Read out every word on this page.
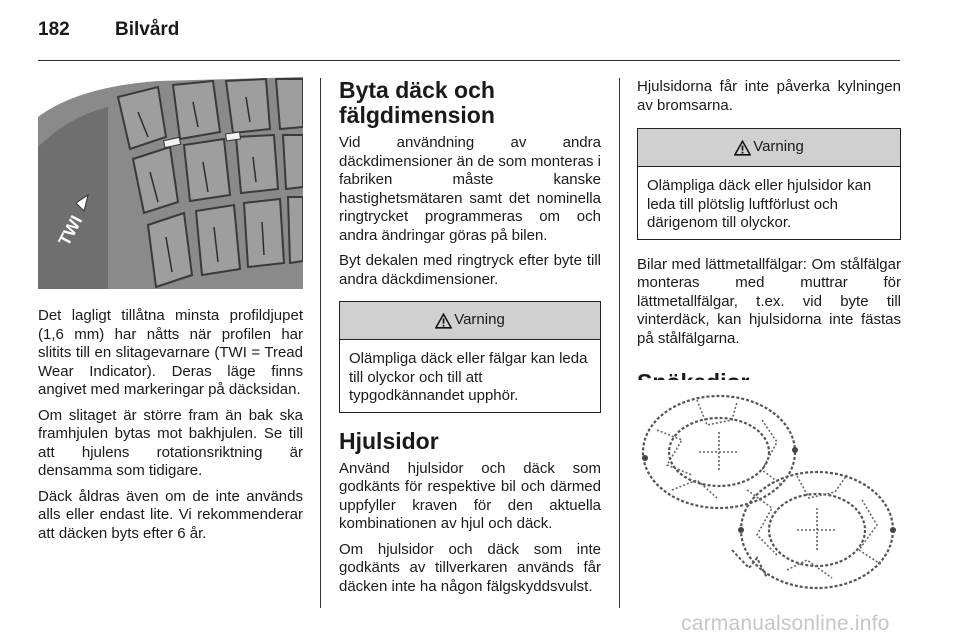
182 Bilvård
TWI

Det lagligt tillåtna minsta profildjupet (1,6 mm) har nåtts när profilen har slitits till en slitagevarnare (TWI = Tread Wear Indicator). Deras läge finns angivet med markeringar på däcksidan.

Om slitaget är större fram än bak ska framhjulen bytas mot bakhjulen. Se till att hjulens rotationsriktning är densamma som tidigare.

Däck åldras även om de inte används alls eller endast lite. Vi rekommenderar att däcken byts efter 6 år.

Byta däck och fälgdimension

Vid användning av andra däckdimensioner än de som monteras i fabriken måste kanske hastighetsmätaren samt det nominella ringtrycket programmeras om och andra ändringar göras på bilen.

Byt dekalen med ringtryck efter byte till andra däckdimensioner.

Varning
Olämpliga däck eller fälgar kan leda till olyckor och till att typgodkännandet upphör.
Hjulsidor

Använd hjulsidor och däck som godkänts för respektive bil och därmed uppfyller kraven för den aktuella kombinationen av hjul och däck.

Om hjulsidor och däck som inte godkänts av tillverkaren används får däcken inte ha någon fälgskyddsvulst.

Hjulsidorna får inte påverka kylningen av bromsarna.

Varning
Olämpliga däck eller hjulsidor kan leda till plötslig luftförlust och därigenom till olyckor.

Bilar med lättmetallfälgar: Om stålfälgar monteras med muttrar för lättmetallfälgar, t.ex. vid byte till vinterdäck, kan hjulsidorna inte fästas på stålfälgarna.

carmanualsonline.info
